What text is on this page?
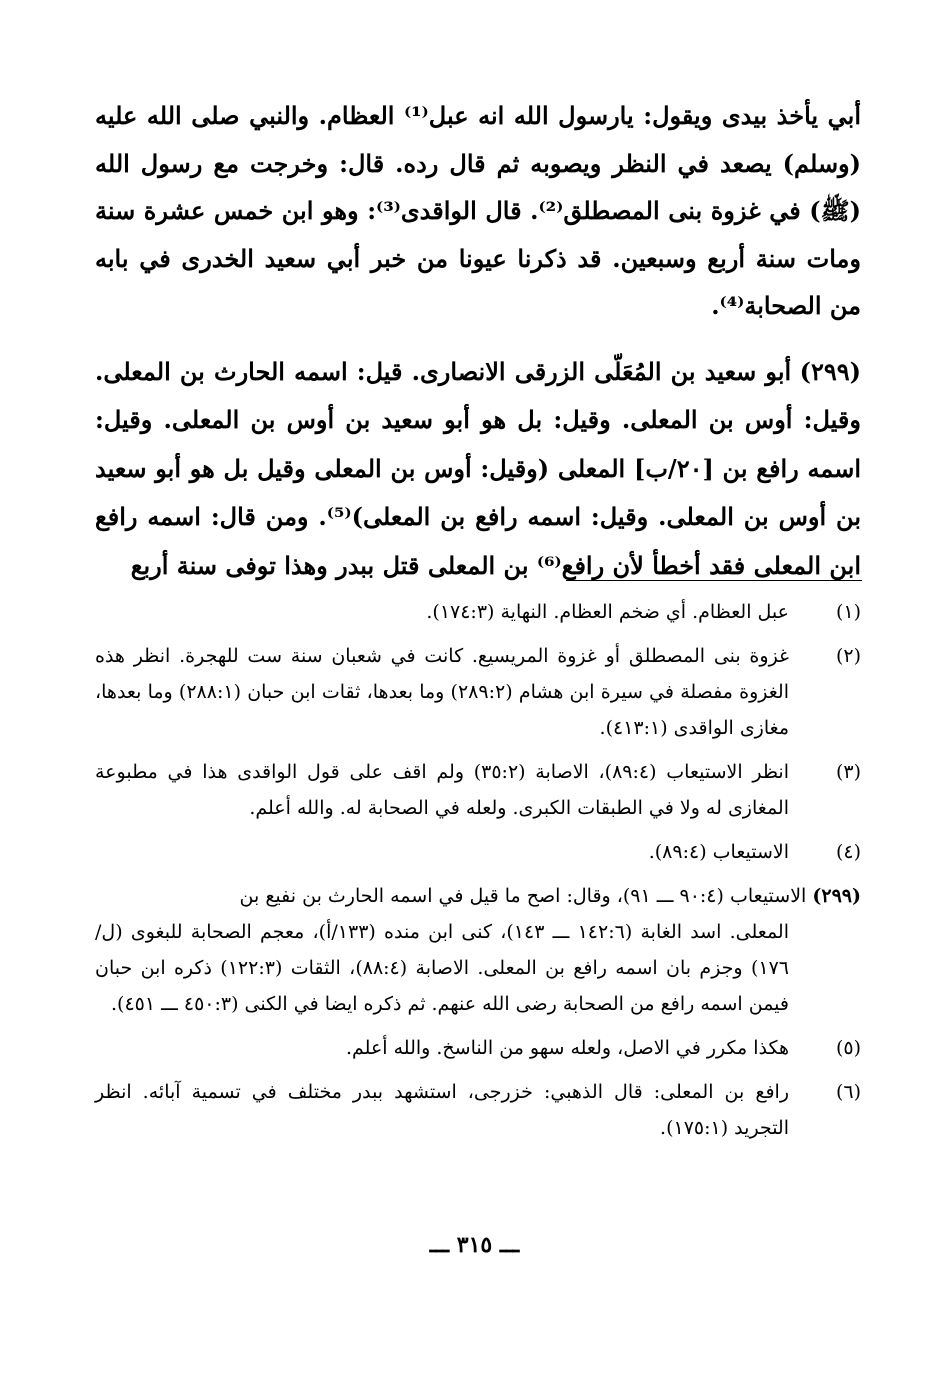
أبي يأخذ بيدى ويقول: يارسول الله انه عبل⁽¹⁾ العظام. والنبي صلى الله عليه (وسلم) يصعد في النظر ويصوبه ثم قال رده. قال: وخرجت مع رسول الله (ﷺ) في غزوة بنى المصطلق⁽²⁾. قال الواقدى⁽³⁾: وهو ابن خمس عشرة سنة ومات سنة أربع وسبعين. قد ذكرنا عيونا من خبر أبي سعيد الخدرى في بابه من الصحابة⁽⁴⁾.

(٢٩٩) أبو سعيد بن المُعَلّى الزرقى الانصارى. قيل: اسمه الحارث بن المعلى. وقيل: أوس بن المعلى. وقيل: بل هو أبو سعيد بن أوس بن المعلى. وقيل: اسمه رافع بن [٢٠/ب] المعلى (وقيل: أوس بن المعلى وقيل بل هو أبو سعيد بن أوس بن المعلى. وقيل: اسمه رافع بن المعلى)⁽⁵⁾. ومن قال: اسمه رافع ابن المعلى فقد أخطأ لأن رافع⁽⁶⁾ بن المعلى قتل ببدر وهذا توفى سنة أربع

(١)
عبل العظام. أي ضخم العظام. النهاية (١٧٤:٣).
(٢)
غزوة بنى المصطلق أو غزوة المريسيع. كانت في شعبان سنة ست للهجرة. انظر هذه الغزوة مفصلة في سيرة ابن هشام (٢٨٩:٢) وما بعدها، ثقات ابن حبان (٢٨٨:١) وما بعدها، مغازى الواقدى (٤١٣:١).
(٣)
انظر الاستيعاب (٨٩:٤)، الاصابة (٣٥:٢) ولم اقف على قول الواقدى هذا في مطبوعة المغازى له ولا في الطبقات الكبرى. ولعله في الصحابة له. والله أعلم.
(٤)
الاستيعاب (٨٩:٤).
(٢٩٩) الاستيعاب (٩٠:٤ ـــ ٩١)، وقال: اصح ما قيل في اسمه الحارث بن نفيع بن
المعلى. اسد الغابة (١٤٢:٦ ـــ ١٤٣)، كنى ابن منده (١٣٣/أ)، معجم الصحابة للبغوى (ل/١٧٦) وجزم بان اسمه رافع بن المعلى. الاصابة (٨٨:٤)، الثقات (١٢٢:٣) ذكره ابن حبان فيمن اسمه رافع من الصحابة رضى الله عنهم. ثم ذكره ايضا في الكنى (٤٥٠:٣ ـــ ٤٥١).
(٥)
هكذا مكرر في الاصل، ولعله سهو من الناسخ. والله أعلم.
(٦)
رافع بن المعلى: قال الذهبي: خزرجى، استشهد ببدر مختلف في تسمية آبائه. انظر التجريد (١٧٥:١).
ـــ ٣١٥ ـــ
